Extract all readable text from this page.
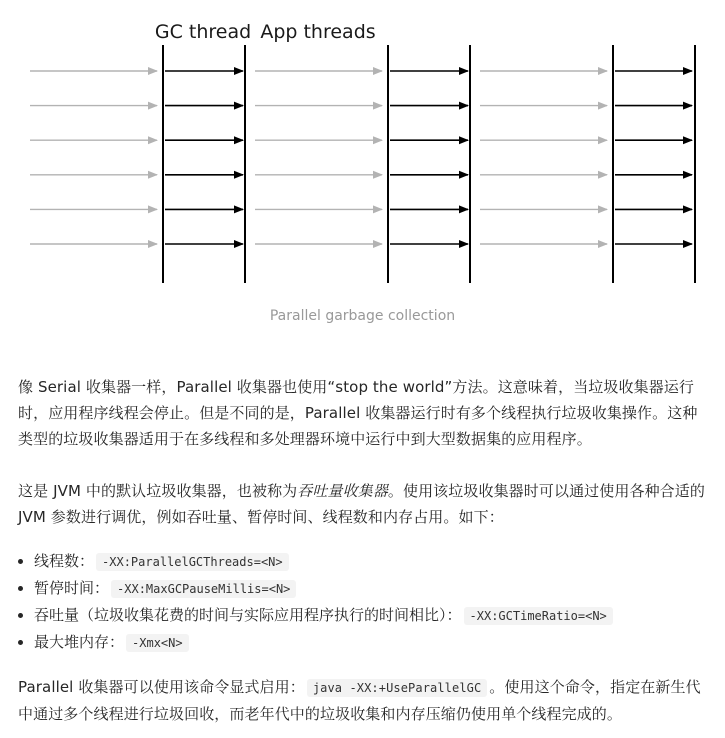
GC thread App threads
Parallel garbage collection

像 Serial 收集器一样，Parallel 收集器也使用“stop the world”方法。这意味着，当垃圾收集器运行时，应用程序线程会停止。但是不同的是，Parallel 收集器运行时有多个线程执行垃圾收集操作。这种类型的垃圾收集器适用于在多线程和多处理器环境中运行中到大型数据集的应用程序。

这是 JVM 中的默认垃圾收集器，也被称为吞吐量收集器。使用该垃圾收集器时可以通过使用各种合适的 JVM 参数进行调优，例如吞吐量、暂停时间、线程数和内存占用。如下：

线程数： -XX:ParallelGCThreads=<N>
暂停时间： -XX:MaxGCPauseMillis=<N>
吞吐量（垃圾收集花费的时间与实际应用程序执行的时间相比）： -XX:GCTimeRatio=<N>
最大堆内存： -Xmx<N>

Parallel 收集器可以使用该命令显式启用： java -XX:+UseParallelGC 。使用这个命令，指定在新生代中通过多个线程进行垃圾回收，而老年代中的垃圾收集和内存压缩仍使用单个线程完成的。
